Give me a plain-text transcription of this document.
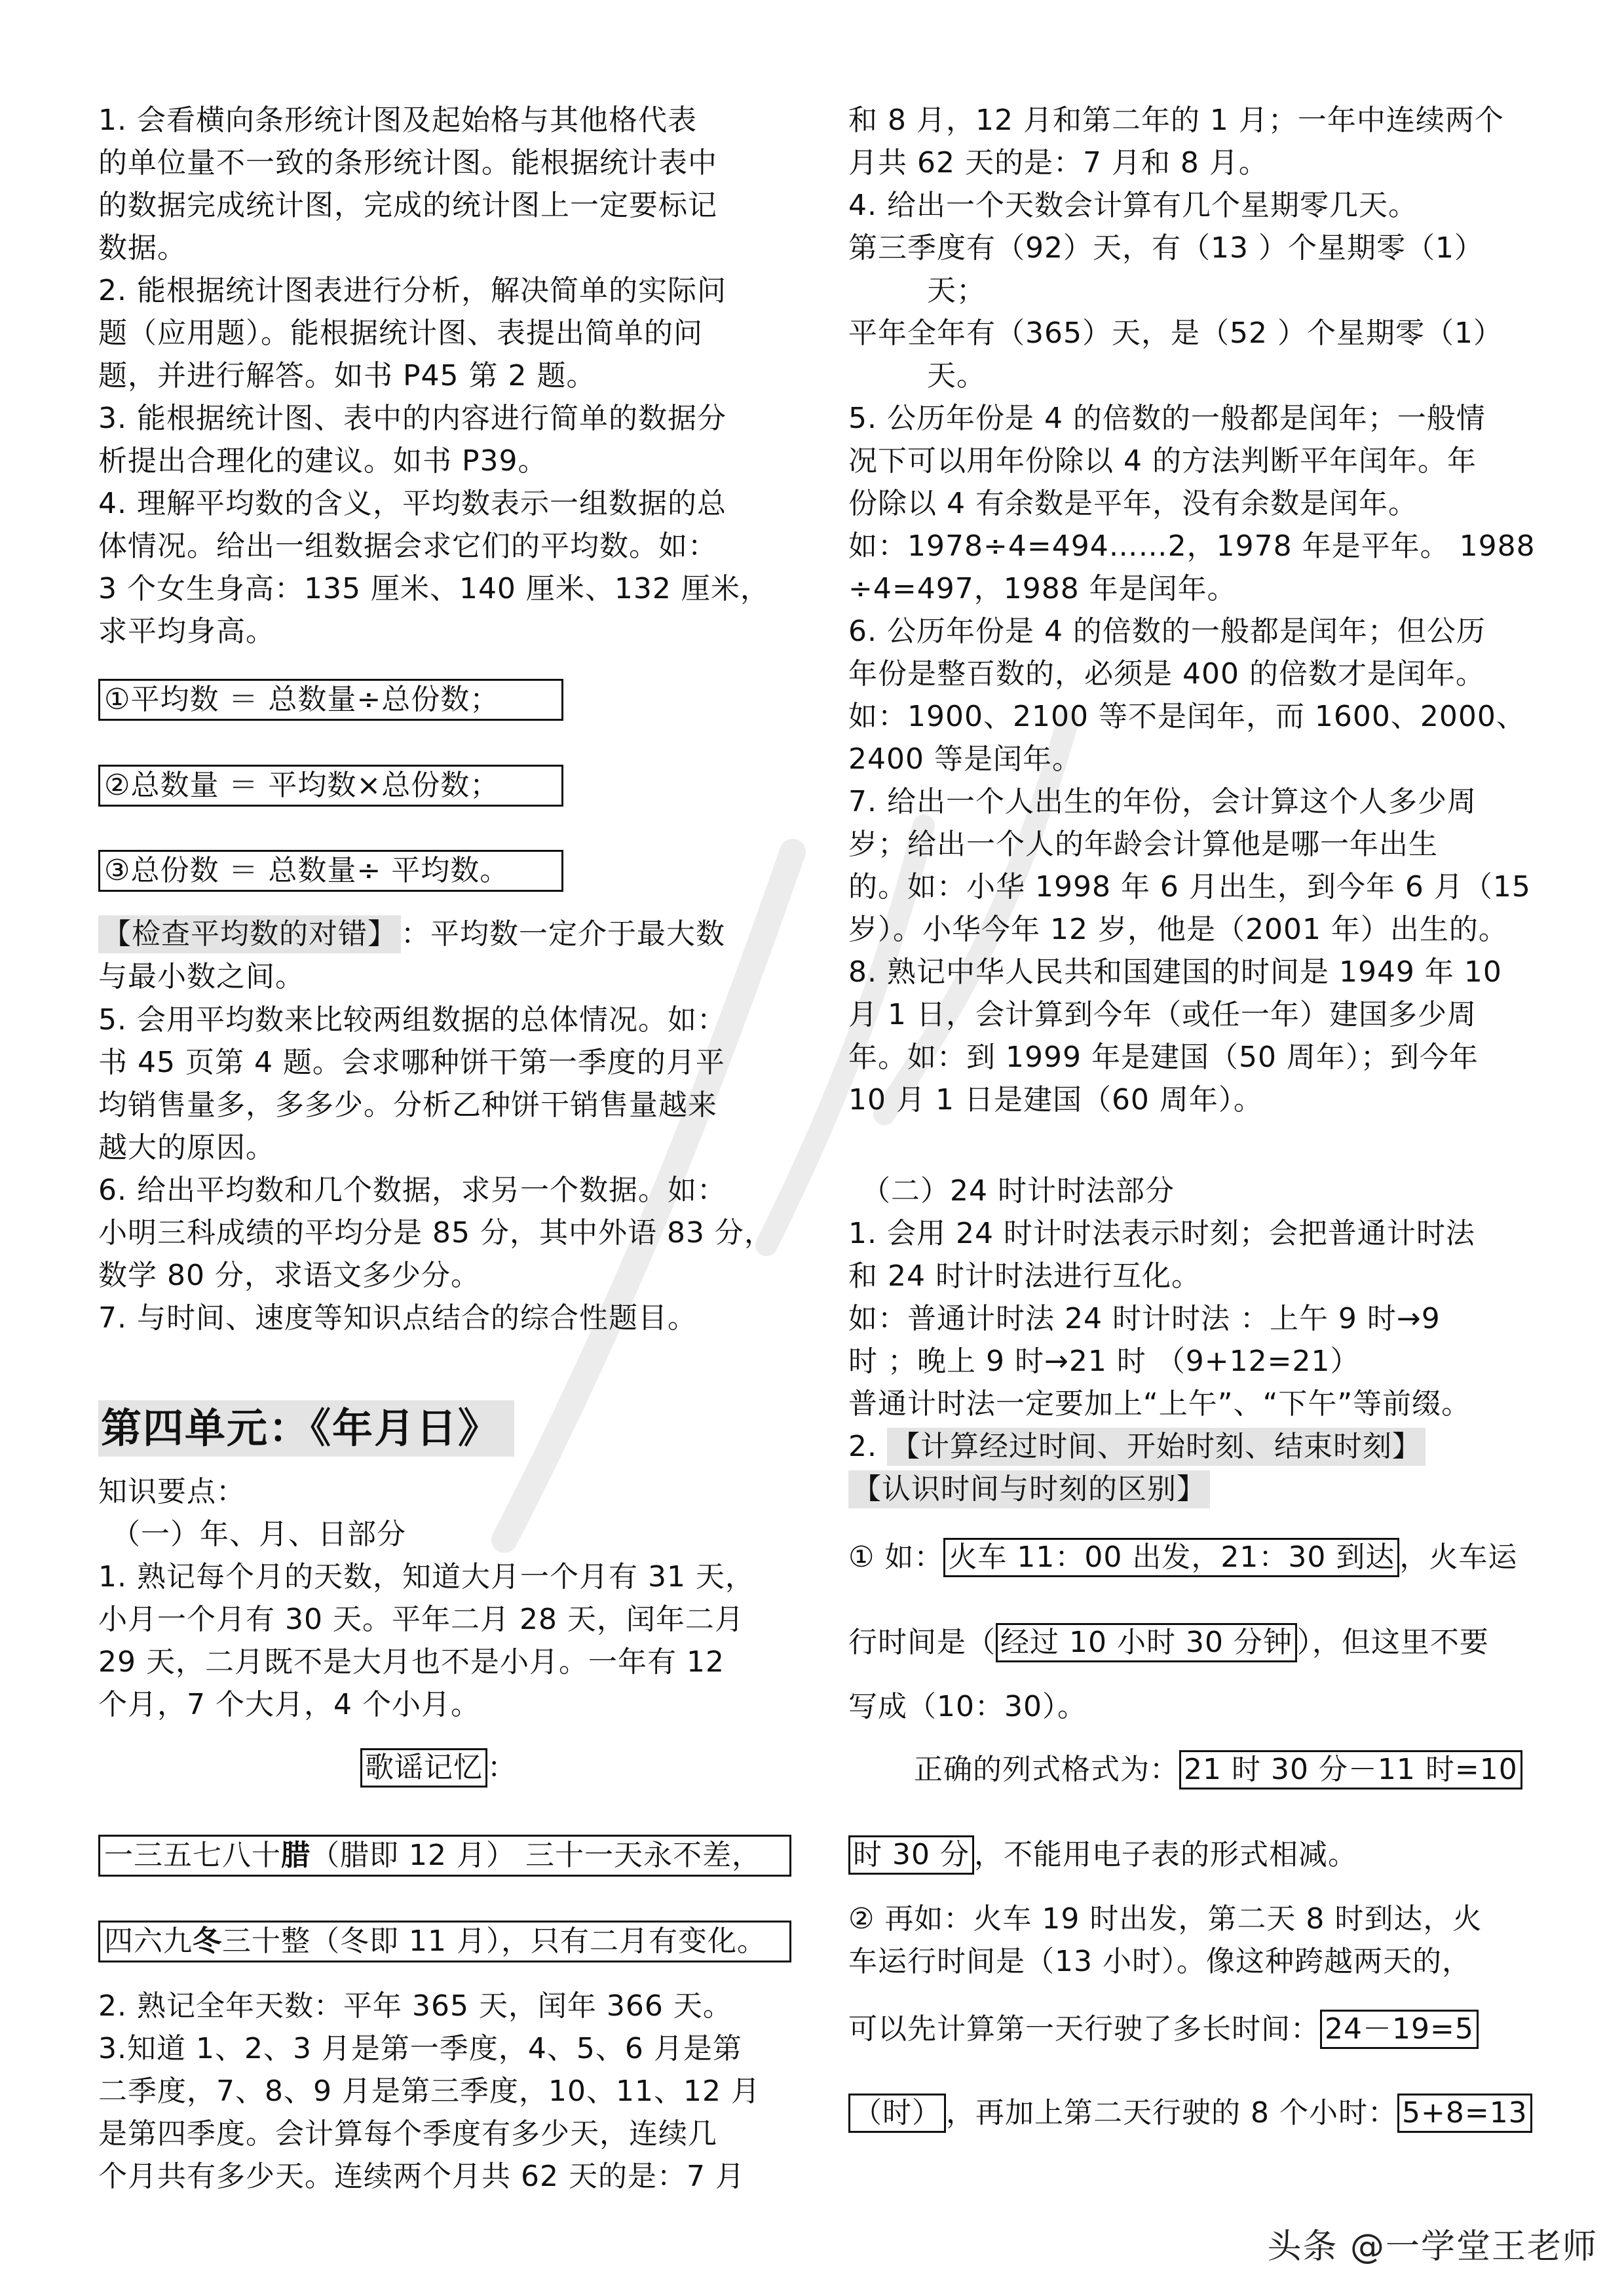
1. 会看横向条形统计图及起始格与其他格代表
的单位量不一致的条形统计图。能根据统计表中
的数据完成统计图，完成的统计图上一定要标记
数据。
2. 能根据统计图表进行分析，解决简单的实际问
题（应用题）。能根据统计图、表提出简单的问
题，并进行解答。如书 P45 第 2 题。
3. 能根据统计图、表中的内容进行简单的数据分
析提出合理化的建议。如书 P39。
4. 理解平均数的含义，平均数表示一组数据的总
体情况。给出一组数据会求它们的平均数。如：
3 个女生身高：135 厘米、140 厘米、132 厘米，
求平均身高。
①平均数 ＝ 总数量÷总份数；
②总数量 ＝ 平均数×总份数；
③总份数 ＝ 总数量÷ 平均数。
【检查平均数的对错】 ：平均数一定介于最大数
与最小数之间。
5. 会用平均数来比较两组数据的总体情况。如：
书 45 页第 4 题。会求哪种饼干第一季度的月平
均销售量多，多多少。分析乙种饼干销售量越来
越大的原因。
6. 给出平均数和几个数据，求另一个数据。如：
小明三科成绩的平均分是 85 分，其中外语 83 分，
数学 80 分，求语文多少分。
7. 与时间、速度等知识点结合的综合性题目。
第四单元：《年月日》
知识要点：
（一）年、月、日部分
1. 熟记每个月的天数，知道大月一个月有 31 天，
小月一个月有 30 天。平年二月 28 天，闰年二月
29 天，二月既不是大月也不是小月。一年有 12
个月，7 个大月，4 个小月。
歌谣记忆 ：
一三五七八十腊（腊即 12 月） 三十一天永不差，
四六九冬三十整（冬即 11 月），只有二月有变化。
2. 熟记全年天数：平年 365 天，闰年 366 天。
3.知道 1、2、3 月是第一季度，4、5、6 月是第
二季度，7、8、9 月是第三季度，10、11、12 月
是第四季度。会计算每个季度有多少天，连续几
个月共有多少天。连续两个月共 62 天的是：7 月
和 8 月，12 月和第二年的 1 月；一年中连续两个
月共 62 天的是：7 月和 8 月。
4. 给出一个天数会计算有几个星期零几天。
第三季度有（92）天，有（13 ）个星期零（1）
天；
平年全年有（365）天，是（52 ）个星期零（1）
天。
5. 公历年份是 4 的倍数的一般都是闰年；一般情
况下可以用年份除以 4 的方法判断平年闰年。年
份除以 4 有余数是平年，没有余数是闰年。
如：1978÷4=494……2，1978 年是平年。 1988
÷4=497，1988 年是闰年。
6. 公历年份是 4 的倍数的一般都是闰年；但公历
年份是整百数的，必须是 400 的倍数才是闰年。
如：1900、2100 等不是闰年，而 1600、2000、
2400 等是闰年。
7. 给出一个人出生的年份，会计算这个人多少周
岁；给出一个人的年龄会计算他是哪一年出生
的。如：小华 1998 年 6 月出生，到今年 6 月（15
岁）。小华今年 12 岁，他是（2001 年）出生的。
8. 熟记中华人民共和国建国的时间是 1949 年 10
月 1 日，会计算到今年（或任一年）建国多少周
年。如：到 1999 年是建国（50 周年）；到今年
10 月 1 日是建国（60 周年）。
（二）24 时计时法部分
1. 会用 24 时计时法表示时刻；会把普通计时法
和 24 时计时法进行互化。
如：普通计时法 24 时计时法 ：上午 9 时→9
时 ；晚上 9 时→21 时 （9+12=21）
普通计时法一定要加上“上午”、“下午”等前缀。
2. 【计算经过时间、开始时刻、结束时刻】
【认识时间与时刻的区别】
① 如： 火车 11：00 出发，21：30 到达 ，火车运
行时间是（ 经过 10 小时 30 分钟 ），但这里不要
写成（10：30）。
正确的列式格式为： 21 时 30 分－11 时=10
时 30 分 ，不能用电子表的形式相减。
② 再如：火车 19 时出发，第二天 8 时到达，火
车运行时间是（13 小时）。像这种跨越两天的，
可以先计算第一天行驶了多长时间： 24－19=5
（时） ，再加上第二天行驶的 8 个小时： 5+8=13
头条 @一学堂王老师
